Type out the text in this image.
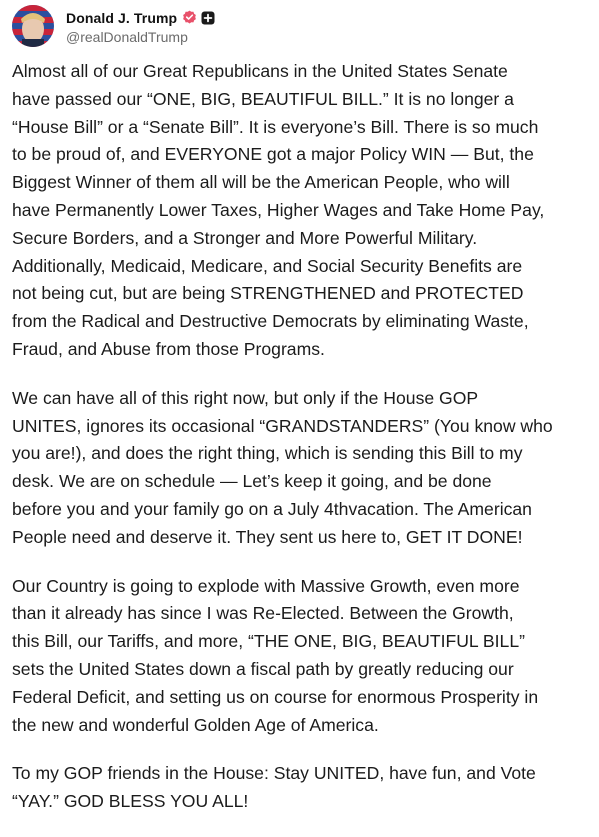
Donald J. Trump
@realDonaldTrump

Almost all of our Great Republicans in the United States Senate
have passed our “ONE, BIG, BEAUTIFUL BILL.” It is no longer a
“House Bill” or a “Senate Bill”. It is everyone’s Bill. There is so much
to be proud of, and EVERYONE got a major Policy WIN — But, the
Biggest Winner of them all will be the American People, who will
have Permanently Lower Taxes, Higher Wages and Take Home Pay,
Secure Borders, and a Stronger and More Powerful Military.
Additionally, Medicaid, Medicare, and Social Security Benefits are
not being cut, but are being STRENGTHENED and PROTECTED
from the Radical and Destructive Democrats by eliminating Waste,
Fraud, and Abuse from those Programs.

We can have all of this right now, but only if the House GOP
UNITES, ignores its occasional “GRANDSTANDERS” (You know who
you are!), and does the right thing, which is sending this Bill to my
desk. We are on schedule — Let’s keep it going, and be done
before you and your family go on a July 4thvacation. The American
People need and deserve it. They sent us here to, GET IT DONE!

Our Country is going to explode with Massive Growth, even more
than it already has since I was Re-Elected. Between the Growth,
this Bill, our Tariffs, and more, “THE ONE, BIG, BEAUTIFUL BILL”
sets the United States down a fiscal path by greatly reducing our
Federal Deficit, and setting us on course for enormous Prosperity in
the new and wonderful Golden Age of America.

To my GOP friends in the House: Stay UNITED, have fun, and Vote
“YAY.” GOD BLESS YOU ALL!
